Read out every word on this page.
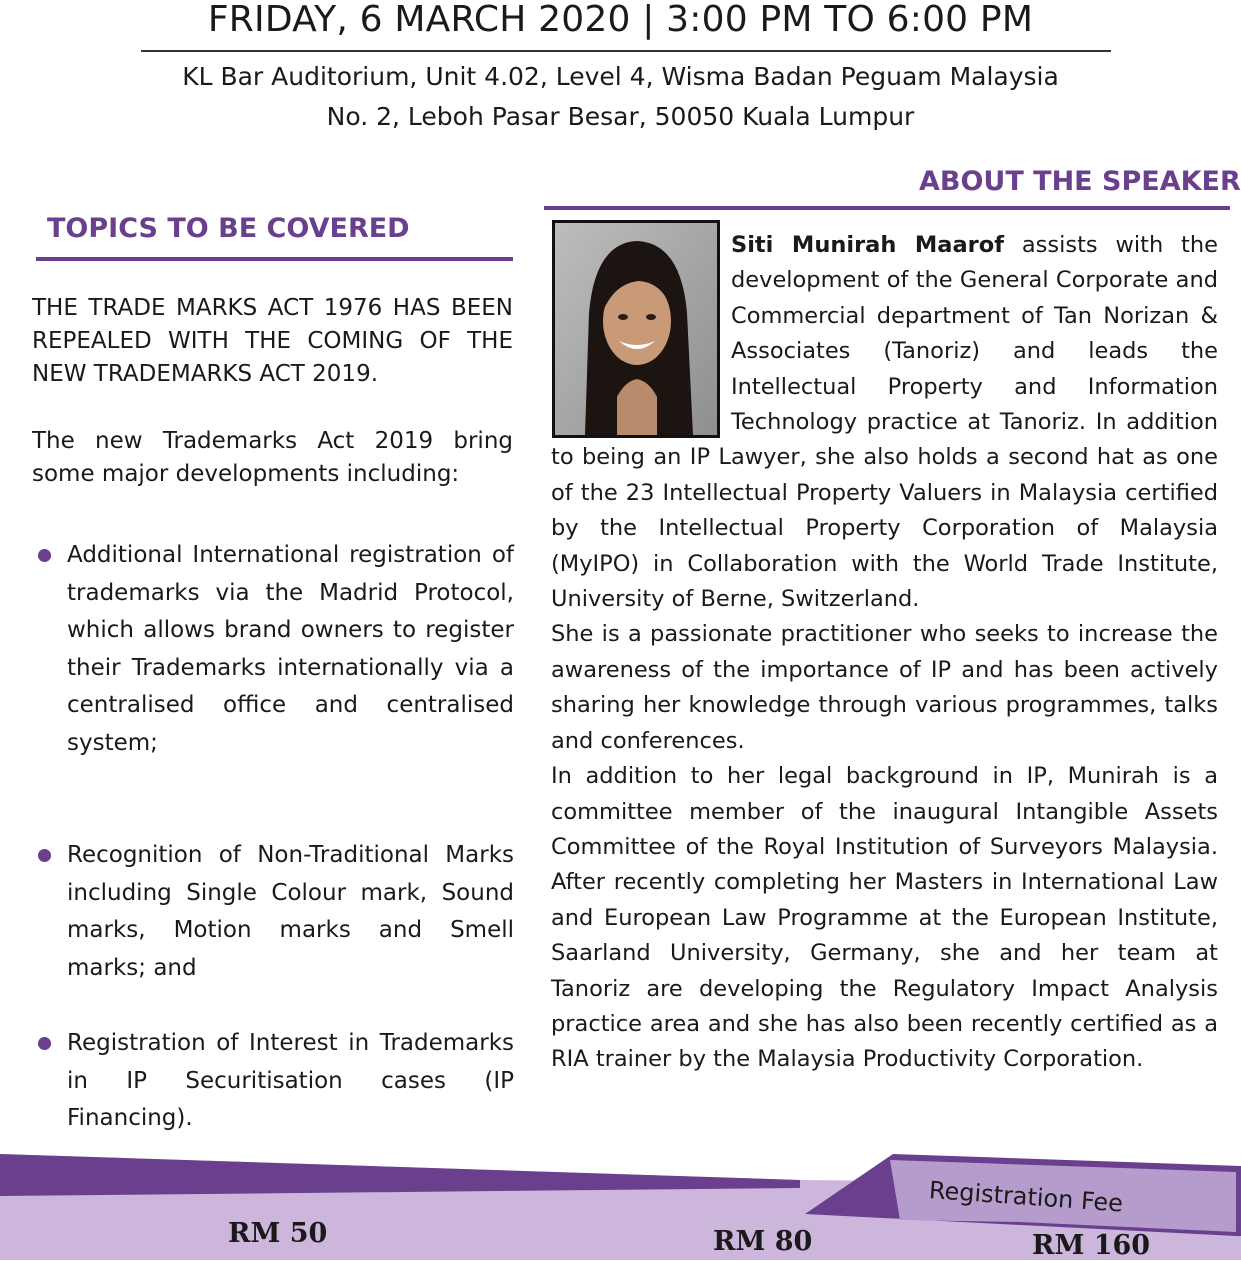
FRIDAY, 6 MARCH 2020 | 3:00 PM TO 6:00 PM
KL Bar Auditorium, Unit 4.02, Level 4, Wisma Badan Peguam Malaysia
No. 2, Leboh Pasar Besar, 50050 Kuala Lumpur
TOPICS TO BE COVERED
THE TRADE MARKS ACT 1976 HAS BEEN REPEALED WITH THE COMING OF THE NEW TRADEMARKS ACT 2019.
The new Trademarks Act 2019 bring some major developments including:
Additional International registration of trademarks via the Madrid Protocol, which allows brand owners to register their Trademarks internationally via a centralised office and centralised system;
Recognition of Non-Traditional Marks including Single Colour mark, Sound marks, Motion marks and Smell marks; and
Registration of Interest in Trademarks in IP Securitisation cases (IP Financing).
ABOUT THE SPEAKER

Siti Munirah Maarof assists with the development of the General Corporate and Commercial department of Tan Norizan & Associates (Tanoriz) and leads the Intellectual Property and Information Technology practice at Tanoriz. In addition to being an IP Lawyer, she also holds a second hat as one of the 23 Intellectual Property Valuers in Malaysia certified by the Intellectual Property Corporation of Malaysia (MyIPO) in Collaboration with the World Trade Institute, University of Berne, Switzerland.

She is a passionate practitioner who seeks to increase the awareness of the importance of IP and has been actively sharing her knowledge through various programmes, talks and conferences.

In addition to her legal background in IP, Munirah is a committee member of the inaugural Intangible Assets Committee of the Royal Institution of Surveyors Malaysia. After recently completing her Masters in International Law and European Law Programme at the European Institute, Saarland University, Germany, she and her team at Tanoriz are developing the Regulatory Impact Analysis practice area and she has also been recently certified as a RIA trainer by the Malaysia Productivity Corporation.

Registration Fee
RM 50	RM 80	RM 160
